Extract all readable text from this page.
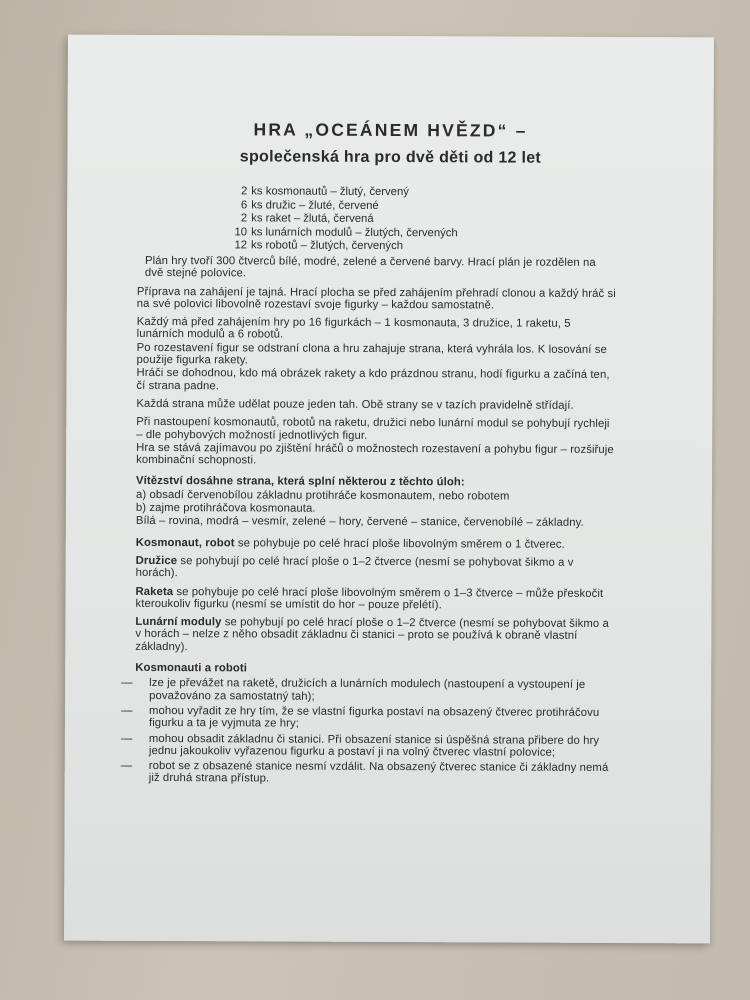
HRA „OCEÁNEM HVĚZD“ –
společenská hra pro dvě děti od 12 let
2 ks kosmonautů – žlutý, červený
6 ks družic – žluté, červené
2 ks raket – žlutá, červená
10 ks lunárních modulů – žlutých, červených
12 ks robotů – žlutých, červených

Plán hry tvoří 300 čtverců bílé, modré, zelené a červené barvy. Hrací plán je rozdělen na dvě stejné polovice.

Příprava na zahájení je tajná. Hrací plocha se před zahájením přehradí clonou a každý hráč si na své polovici libovolně rozestaví svoje figurky – každou samostatně.

Každý má před zahájením hry po 16 figurkách – 1 kosmonauta, 3 družice, 1 raketu, 5 lunárních modulů a 6 robotů.

Po rozestavení figur se odstraní clona a hru zahajuje strana, která vyhrála los. K losování se použije figurka rakety.

Hráči se dohodnou, kdo má obrázek rakety a kdo prázdnou stranu, hodí figurku a začíná ten, čí strana padne.

Každá strana může udělat pouze jeden tah. Obě strany se v tazích pravidelně střídají.

Při nastoupení kosmonautů, robotů na raketu, družici nebo lunární modul se pohybují rychleji – dle pohybových možností jednotlivých figur.

Hra se stává zajímavou po zjištění hráčů o možnostech rozestavení a pohybu figur – rozšiřuje kombinační schopnosti.

Vítězství dosáhne strana, která splní některou z těchto úloh:

a) obsadí červenobílou základnu protihráče kosmonautem, nebo robotem

b) zajme protihráčova kosmonauta.

Bílá – rovina, modrá – vesmír, zelené – hory, červené – stanice, červenobílé – základny.

Kosmonaut, robot se pohybuje po celé hrací ploše libovolným směrem o 1 čtverec.

Družice se pohybují po celé hrací ploše o 1–2 čtverce (nesmí se pohybovat šikmo a v horách).

Raketa se pohybuje po celé hrací ploše libovolným směrem o 1–3 čtverce – může přeskočit kteroukoliv figurku (nesmí se umístit do hor – pouze přelétí).

Lunární moduly se pohybují po celé hrací ploše o 1–2 čtverce (nesmí se pohybovat šikmo a v horách – nelze z něho obsadit základnu či stanici – proto se používá k obraně vlastní základny).

Kosmonauti a roboti

— lze je převážet na raketě, družicích a lunárních modulech (nastoupení a vystoupení je považováno za samostatný tah);
— mohou vyřadit ze hry tím, že se vlastní figurka postaví na obsazený čtverec protihráčovu figurku a ta je vyjmuta ze hry;
— mohou obsadit základnu či stanici. Při obsazení stanice si úspěšná strana přibere do hry jednu jakoukoliv vyřazenou figurku a postaví ji na volný čtverec vlastní polovice;
— robot se z obsazené stanice nesmí vzdálit. Na obsazený čtverec stanice či základny nemá již druhá strana přístup.
